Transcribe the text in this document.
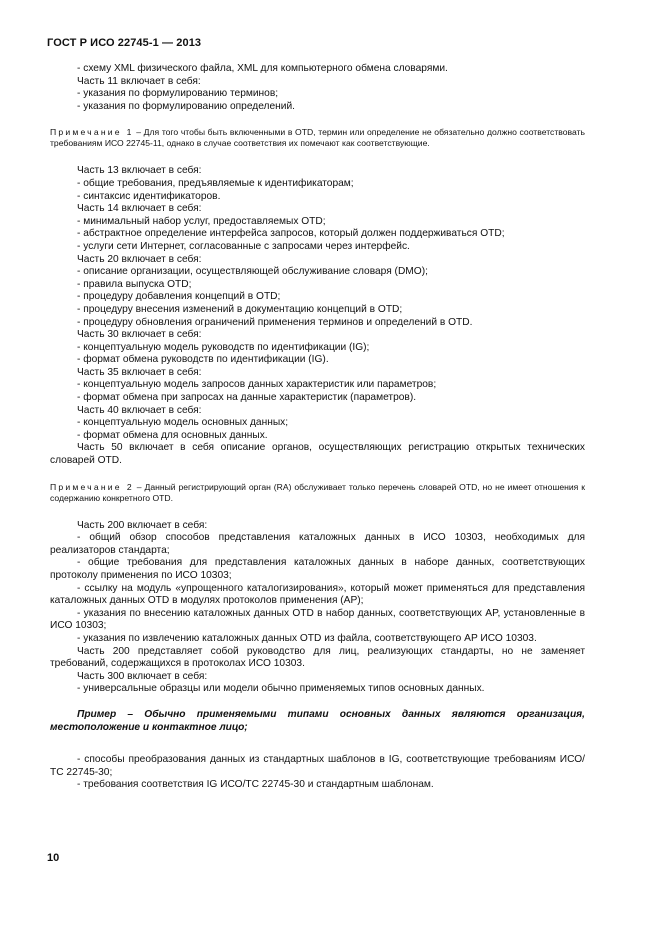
ГОСТ Р ИСО 22745-1 — 2013

- схему XML физического файла, XML для компьютерного обмена словарями.

Часть 11 включает в себя:

- указания по формулированию терминов;

- указания по формулированию определений.

Примечание 1 – Для того чтобы быть включенными в OTD, термин или определение не обязательно должно соответствовать требованиям ИСО 22745-11, однако в случае соответствия их помечают как соответствующие.

Часть 13 включает в себя:

- общие требования, предъявляемые к идентификаторам;

- синтаксис идентификаторов.

Часть 14 включает в себя:

- минимальный набор услуг, предоставляемых OTD;

- абстрактное определение интерфейса запросов, который должен поддерживаться OTD;

- услуги сети Интернет, согласованные с запросами через интерфейс.

Часть 20 включает в себя:

- описание организации, осуществляющей обслуживание словаря (DMO);

- правила выпуска OTD;

- процедуру добавления концепций в OTD;

- процедуру внесения изменений в документацию концепций в OTD;

- процедуру обновления ограничений применения терминов и определений в OTD.

Часть 30 включает в себя:

- концептуальную модель руководств по идентификации (IG);

- формат обмена руководств по идентификации (IG).

Часть 35 включает в себя:

- концептуальную модель запросов данных характеристик или параметров;

- формат обмена при запросах на данные характеристик (параметров).

Часть 40 включает в себя:

- концептуальную модель основных данных;

- формат обмена для основных данных.

Часть 50 включает в себя описание органов, осуществляющих регистрацию открытых технических словарей OTD.

Примечание 2 – Данный регистрирующий орган (RA) обслуживает только перечень словарей OTD, но не имеет отношения к содержанию конкретного OTD.

Часть 200 включает в себя:

- общий обзор способов представления каталожных данных в ИСО 10303, необходимых для реализаторов стандарта;

- общие требования для представления каталожных данных в наборе данных, соответствующих протоколу применения по ИСО 10303;

- ссылку на модуль «упрощенного каталогизирования», который может применяться для представления каталожных данных OTD в модулях протоколов применения (AP);

- указания по внесению каталожных данных OTD в набор данных, соответствующих AP, установленные в ИСО 10303;

- указания по извлечению каталожных данных OTD из файла, соответствующего AP ИСО 10303.

Часть 200 представляет собой руководство для лиц, реализующих стандарты, но не заменяет требований, содержащихся в протоколах ИСО 10303.

Часть 300 включает в себя:

- универсальные образцы или модели обычно применяемых типов основных данных.

Пример – Обычно применяемыми типами основных данных являются организация, местоположение и контактное лицо;

- способы преобразования данных из стандартных шаблонов в IG, соответствующие требованиям ИСО/ТС 22745-30;

- требования соответствия IG ИСО/ТС 22745-30 и стандартным шаблонам.

10
